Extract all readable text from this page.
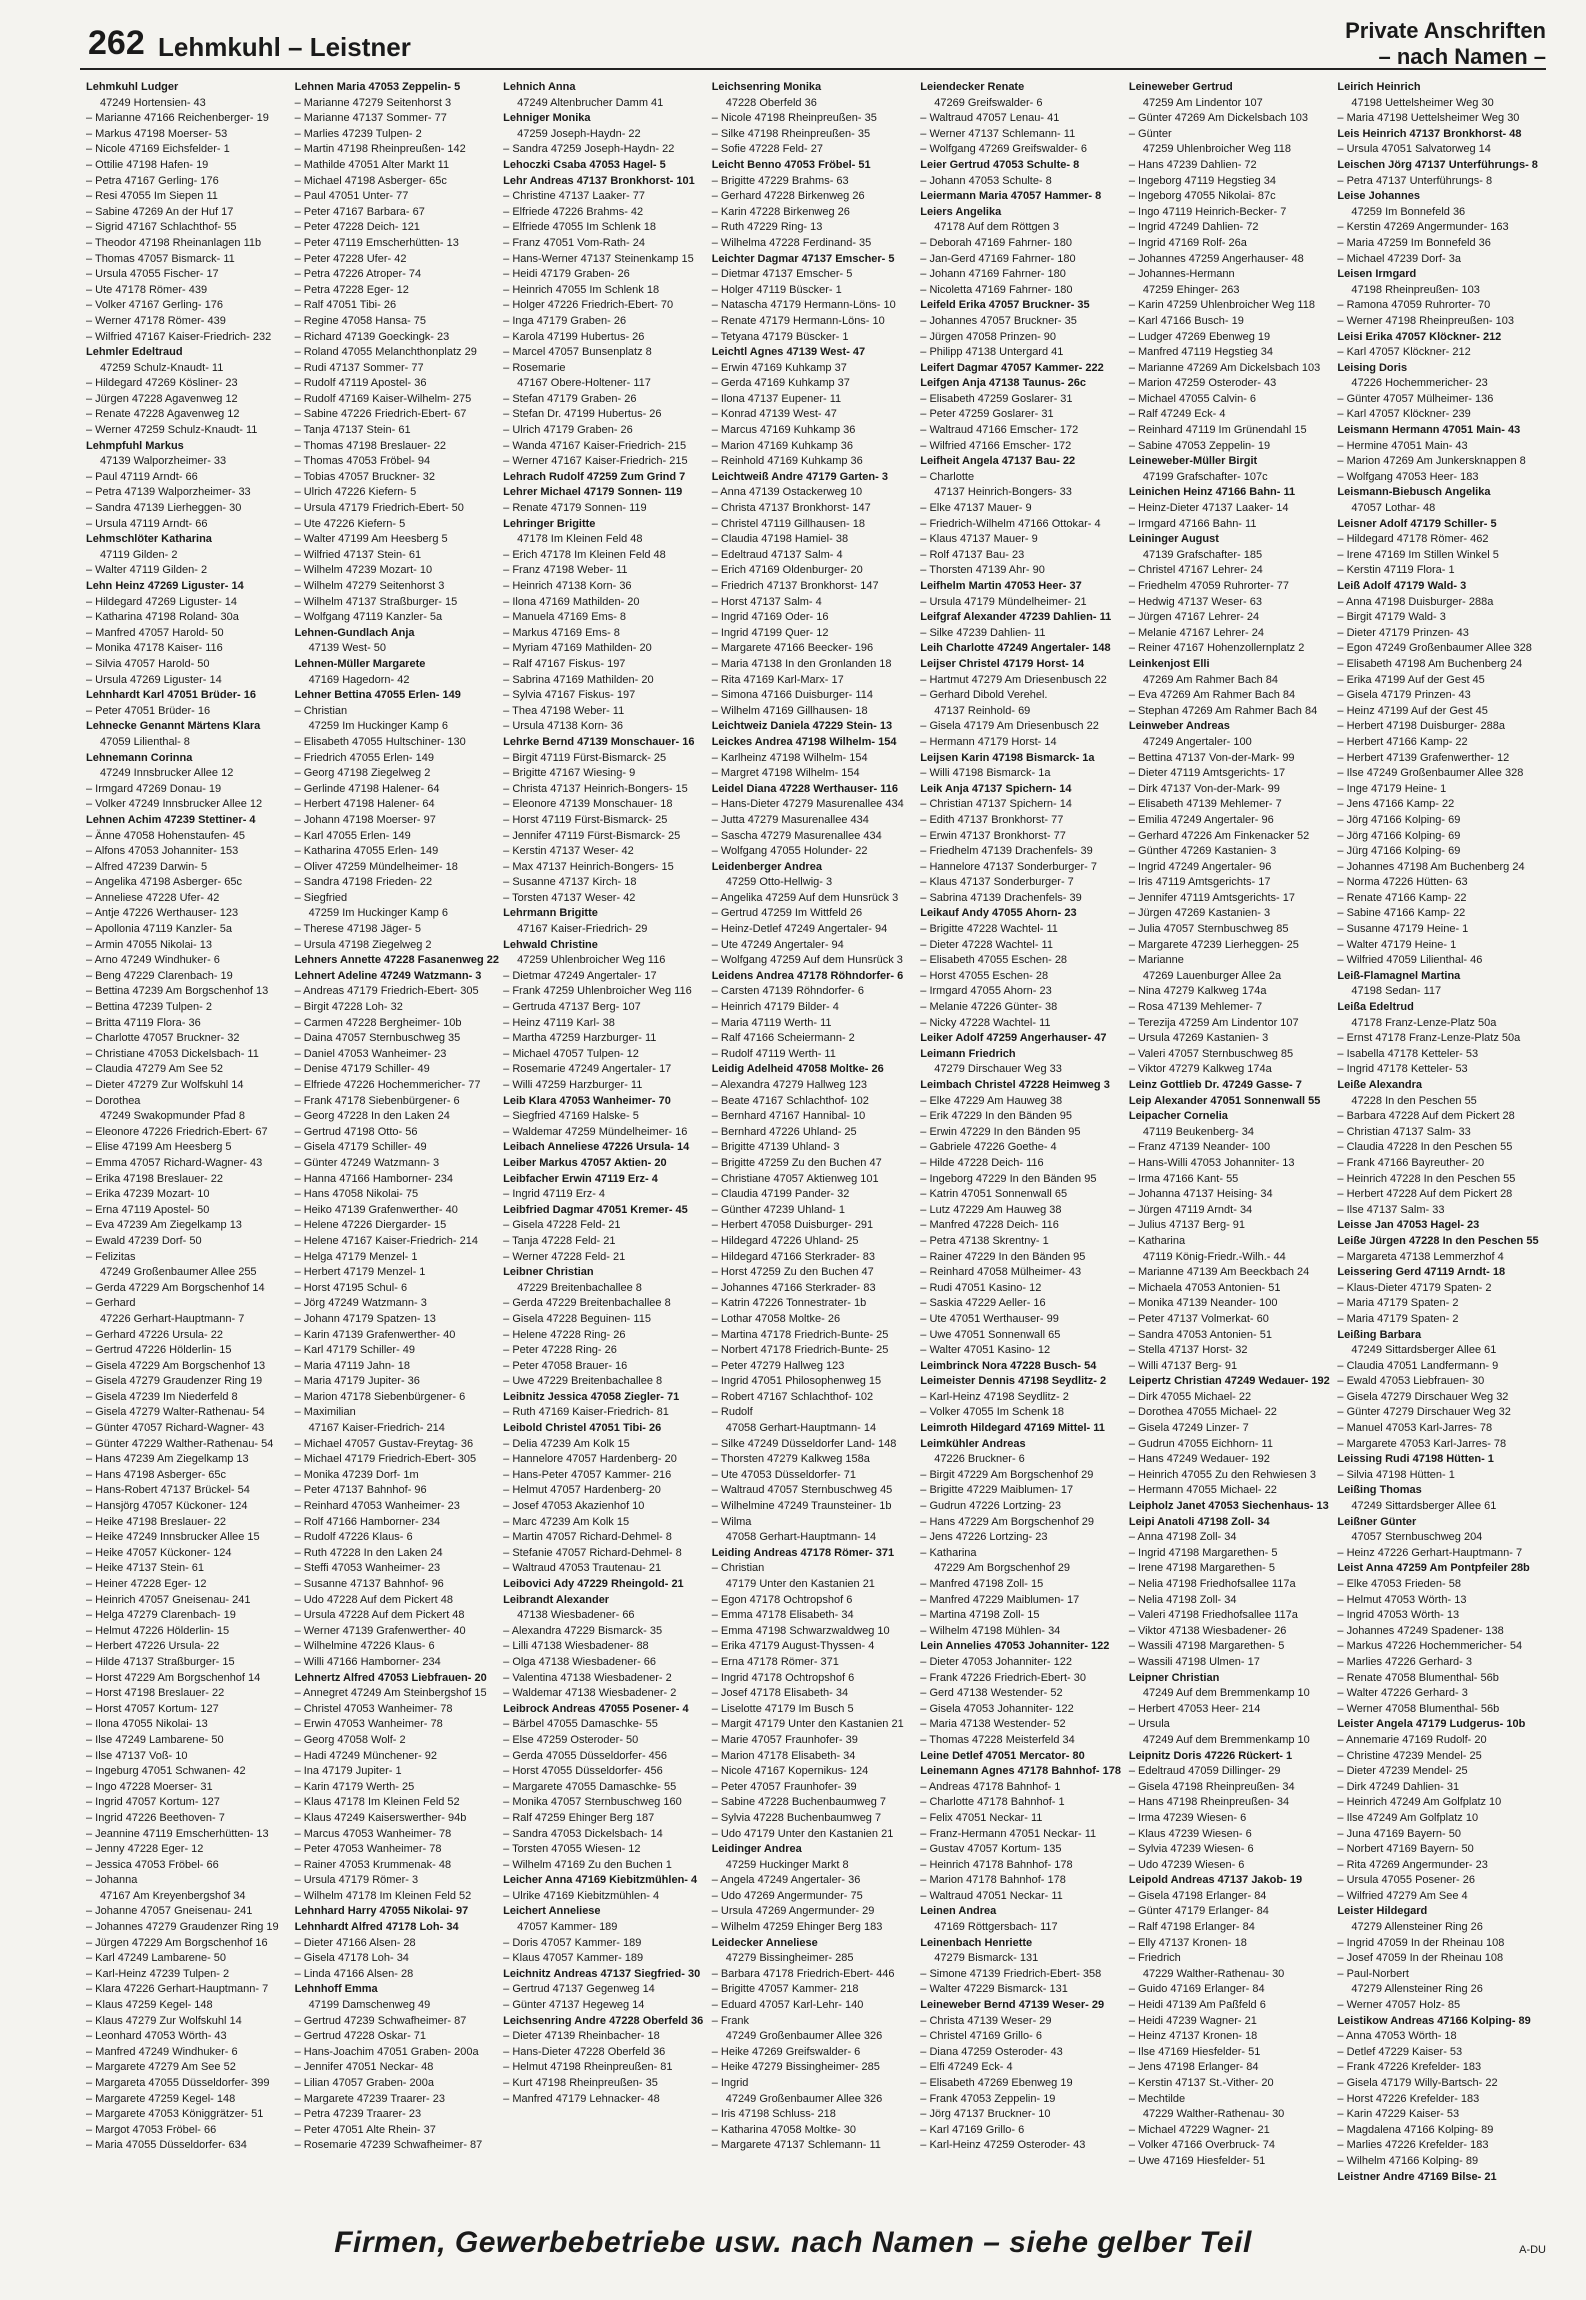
262 Lehmkuhl – Leistner
Private Anschriften
– nach Namen –
Lehmkuhl Ludger
47249 Hortensien- 43
– Marianne 47166 Reichenberger- 19
– Markus 47198 Moerser- 53
– Nicole 47169 Eichsfelder- 1
– Ottilie 47198 Hafen- 19
– Petra 47167 Gerling- 176
– Resi 47055 Im Siepen 11
– Sabine 47269 An der Huf 17
– Sigrid 47167 Schlachthof- 55
– Theodor 47198 Rheinanlagen 11b
– Thomas 47057 Bismarck- 11
– Ursula 47055 Fischer- 17
– Ute 47178 Römer- 439
– Volker 47167 Gerling- 176
– Werner 47178 Römer- 439
– Wilfried 47167 Kaiser-Friedrich- 232
Lehmler Edeltraud
47259 Schulz-Knaudt- 11
– Hildegard 47269 Kösliner- 23
– Jürgen 47228 Agavenweg 12
– Renate 47228 Agavenweg 12
– Werner 47259 Schulz-Knaudt- 11
Lehmpfuhl Markus
47139 Walporzheimer- 33
– Paul 47119 Arndt- 66
– Petra 47139 Walporzheimer- 33
– Sandra 47139 Lierheggen- 30
– Ursula 47119 Arndt- 66
Lehmschlöter Katharina
47119 Gilden- 2
– Walter 47119 Gilden- 2
Lehn Heinz 47269 Liguster- 14
– Hildegard 47269 Liguster- 14
– Katharina 47198 Roland- 30a
– Manfred 47057 Harold- 50
– Monika 47178 Kaiser- 116
– Silvia 47057 Harold- 50
– Ursula 47269 Liguster- 14
Lehnhardt Karl 47051 Brüder- 16
– Peter 47051 Brüder- 16
Lehnecke Genannt Märtens Klara
47059 Lilienthal- 8
Lehnemann Corinna
47249 Innsbrucker Allee 12
– Irmgard 47269 Donau- 19
– Volker 47249 Innsbrucker Allee 12
Lehnen Achim 47239 Stettiner- 4
– Änne 47058 Hohenstaufen- 45
– Alfons 47053 Johanniter- 153
– Alfred 47239 Darwin- 5
– Angelika 47198 Asberger- 65c
– Anneliese 47228 Ufer- 42
– Antje 47226 Werthauser- 123
– Apollonia 47119 Kanzler- 5a
– Armin 47055 Nikolai- 13
– Arno 47249 Windhuker- 6
– Beng 47229 Clarenbach- 19
– Bettina 47239 Am Borgschenhof 13
– Bettina 47239 Tulpen- 2
– Britta 47119 Flora- 36
– Charlotte 47057 Bruckner- 32
– Christiane 47053 Dickelsbach- 11
– Claudia 47279 Am See 52
– Dieter 47279 Zur Wolfskuhl 14
– Dorothea
47249 Swakopmunder Pfad 8
– Eleonore 47226 Friedrich-Ebert- 67
– Elise 47199 Am Heesberg 5
– Emma 47057 Richard-Wagner- 43
– Erika 47198 Breslauer- 22
– Erika 47239 Mozart- 10
– Erna 47119 Apostel- 50
– Eva 47239 Am Ziegelkamp 13
– Ewald 47239 Dorf- 50
– Felizitas
47249 Großenbaumer Allee 255
– Gerda 47229 Am Borgschenhof 14
– Gerhard
47226 Gerhart-Hauptmann- 7
– Gerhard 47226 Ursula- 22
– Gertrud 47226 Hölderlin- 15
– Gisela 47229 Am Borgschenhof 13
– Gisela 47279 Graudenzer Ring 19
– Gisela 47239 Im Niederfeld 8
– Gisela 47279 Walter-Rathenau- 54
– Günter 47057 Richard-Wagner- 43
– Günter 47229 Walther-Rathenau- 54
– Hans 47239 Am Ziegelkamp 13
– Hans 47198 Asberger- 65c
– Hans-Robert 47137 Brückel- 54
– Hansjörg 47057 Kückoner- 124
– Heike 47198 Breslauer- 22
– Heike 47249 Innsbrucker Allee 15
– Heike 47057 Kückoner- 124
– Heike 47137 Stein- 61
– Heiner 47228 Eger- 12
– Heinrich 47057 Gneisenau- 241
– Helga 47279 Clarenbach- 19
– Helmut 47226 Hölderlin- 15
– Herbert 47226 Ursula- 22
– Hilde 47137 Straßburger- 15
– Horst 47229 Am Borgschenhof 14
– Horst 47198 Breslauer- 22
– Horst 47057 Kortum- 127
– Ilona 47055 Nikolai- 13
– Ilse 47249 Lambarene- 50
– Ilse 47137 Voß- 10
– Ingeburg 47051 Schwanen- 42
– Ingo 47228 Moerser- 31
– Ingrid 47057 Kortum- 127
– Ingrid 47226 Beethoven- 7
– Jeannine 47119 Emscherhütten- 13
– Jenny 47228 Eger- 12
– Jessica 47053 Fröbel- 66
– Johanna
47167 Am Kreyenbergshof 34
– Johanne 47057 Gneisenau- 241
– Johannes 47279 Graudenzer Ring 19
– Jürgen 47229 Am Borgschenhof 16
– Karl 47249 Lambarene- 50
– Karl-Heinz 47239 Tulpen- 2
– Klara 47226 Gerhart-Hauptmann- 7
– Klaus 47259 Kegel- 148
– Klaus 47279 Zur Wolfskuhl 14
– Leonhard 47053 Wörth- 43
– Manfred 47249 Windhuker- 6
– Margarete 47279 Am See 52
– Margareta 47055 Düsseldorfer- 399
– Margarete 47259 Kegel- 148
– Margarete 47053 Königgrätzer- 51
– Margot 47053 Fröbel- 66
– Maria 47055 Düsseldorfer- 634
Lehnen Maria 47053 Zeppelin- 5
– Marianne 47279 Seitenhorst 3
– Marianne 47137 Sommer- 77
– Marlies 47239 Tulpen- 2
– Martin 47198 Rheinpreußen- 142
– Mathilde 47051 Alter Markt 11
– Michael 47198 Asberger- 65c
– Paul 47051 Unter- 77
– Peter 47167 Barbara- 67
– Peter 47228 Deich- 121
– Peter 47119 Emscherhütten- 13
– Peter 47228 Ufer- 42
– Petra 47226 Atroper- 74
– Petra 47228 Eger- 12
– Ralf 47051 Tibi- 26
– Regine 47058 Hansa- 75
– Richard 47139 Goeckingk- 23
– Roland 47055 Melanchthonplatz 29
– Rudi 47137 Sommer- 77
– Rudolf 47119 Apostel- 36
– Rudolf 47169 Kaiser-Wilhelm- 275
– Sabine 47226 Friedrich-Ebert- 67
– Tanja 47137 Stein- 61
– Thomas 47198 Breslauer- 22
– Thomas 47053 Fröbel- 94
– Tobias 47057 Bruckner- 32
– Ulrich 47226 Kiefern- 5
– Ursula 47179 Friedrich-Ebert- 50
– Ute 47226 Kiefern- 5
– Walter 47199 Am Heesberg 5
– Wilfried 47137 Stein- 61
– Wilhelm 47239 Mozart- 10
– Wilhelm 47279 Seitenhorst 3
– Wilhelm 47137 Straßburger- 15
– Wolfgang 47119 Kanzler- 5a
Lehnen-Gundlach Anja
47139 West- 50
Lehnen-Müller Margarete
47169 Hagedorn- 42
Lehner Bettina 47055 Erlen- 149
– Christian
47259 Im Huckinger Kamp 6
– Elisabeth 47055 Hultschiner- 130
– Friedrich 47055 Erlen- 149
– Georg 47198 Ziegelweg 2
– Gerlinde 47198 Halener- 64
– Herbert 47198 Halener- 64
– Johann 47198 Moerser- 97
– Karl 47055 Erlen- 149
– Katharina 47055 Erlen- 149
– Oliver 47259 Mündelheimer- 18
– Sandra 47198 Frieden- 22
– Siegfried
47259 Im Huckinger Kamp 6
– Therese 47198 Jäger- 5
– Ursula 47198 Ziegelweg 2
Lehners Annette 47228 Fasanenweg 22
Lehnert Adeline 47249 Watzmann- 3
– Andreas 47179 Friedrich-Ebert- 305
– Birgit 47228 Loh- 32
– Carmen 47228 Bergheimer- 10b
– Daina 47057 Sternbuschweg 35
– Daniel 47053 Wanheimer- 23
– Denise 47179 Schiller- 49
– Elfriede 47226 Hochemmericher- 77
– Frank 47178 Siebenbürgener- 6
– Georg 47228 In den Laken 24
– Gertrud 47198 Otto- 56
– Gisela 47179 Schiller- 49
– Günter 47249 Watzmann- 3
– Hanna 47166 Hamborner- 234
– Hans 47058 Nikolai- 75
– Heiko 47139 Grafenwerther- 40
– Helene 47226 Diergarder- 15
– Helene 47167 Kaiser-Friedrich- 214
– Helga 47179 Menzel- 1
– Herbert 47179 Menzel- 1
– Horst 47195 Schul- 6
– Jörg 47249 Watzmann- 3
– Johann 47179 Spatzen- 13
– Karin 47139 Grafenwerther- 40
– Karl 47179 Schiller- 49
– Maria 47119 Jahn- 18
– Maria 47179 Jupiter- 36
– Marion 47178 Siebenbürgener- 6
– Maximilian
47167 Kaiser-Friedrich- 214
– Michael 47057 Gustav-Freytag- 36
– Michael 47179 Friedrich-Ebert- 305
– Monika 47239 Dorf- 1m
– Peter 47137 Bahnhof- 96
– Reinhard 47053 Wanheimer- 23
– Rolf 47166 Hamborner- 234
– Rudolf 47226 Klaus- 6
– Ruth 47228 In den Laken 24
– Steffi 47053 Wanheimer- 23
– Susanne 47137 Bahnhof- 96
– Udo 47228 Auf dem Pickert 48
– Ursula 47228 Auf dem Pickert 48
– Werner 47139 Grafenwerther- 40
– Wilhelmine 47226 Klaus- 6
– Willi 47166 Hamborner- 234
Lehnertz Alfred 47053 Liebfrauen- 20
– Annegret 47249 Am Steinbergshof 15
– Christel 47053 Wanheimer- 78
– Erwin 47053 Wanheimer- 78
– Georg 47058 Wolf- 2
– Hadi 47249 Münchener- 92
– Ina 47179 Jupiter- 1
– Karin 47179 Werth- 25
– Klaus 47178 Im Kleinen Feld 52
– Klaus 47249 Kaiserswerther- 94b
– Marcus 47053 Wanheimer- 78
– Peter 47053 Wanheimer- 78
– Rainer 47053 Krummenak- 48
– Ursula 47179 Römer- 3
– Wilhelm 47178 Im Kleinen Feld 52
Lehnhard Harry 47055 Nikolai- 97
Lehnhardt Alfred 47178 Loh- 34
– Dieter 47166 Alsen- 28
– Gisela 47178 Loh- 34
– Linda 47166 Alsen- 28
Lehnhoff Emma
47199 Damschenweg 49
– Gertrud 47239 Schwafheimer- 87
– Gertrud 47228 Oskar- 71
– Hans-Joachim 47051 Graben- 200a
– Jennifer 47051 Neckar- 48
– Lilian 47057 Graben- 200a
– Margarete 47239 Traarer- 23
– Petra 47239 Traarer- 23
– Peter 47051 Alte Rhein- 37
– Rosemarie 47239 Schwafheimer- 87
Lehnich Anna
47249 Altenbrucher Damm 41
Lehniger Monika
47259 Joseph-Haydn- 22
– Sandra 47259 Joseph-Haydn- 22
Lehoczki Csaba 47053 Hagel- 5
Lehr Andreas 47137 Bronkhorst- 101
– Christine 47137 Laaker- 77
– Elfriede 47226 Brahms- 42
– Elfriede 47055 Im Schlenk 18
– Franz 47051 Vom-Rath- 24
– Hans-Werner 47137 Steinenkamp 15
– Heidi 47179 Graben- 26
– Heinrich 47055 Im Schlenk 18
– Holger 47226 Friedrich-Ebert- 70
– Inga 47179 Graben- 26
– Karola 47199 Hubertus- 26
– Marcel 47057 Bunsenplatz 8
– Rosemarie
47167 Obere-Holtener- 117
– Stefan 47179 Graben- 26
– Stefan Dr. 47199 Hubertus- 26
– Ulrich 47179 Graben- 26
– Wanda 47167 Kaiser-Friedrich- 215
– Werner 47167 Kaiser-Friedrich- 215
Lehrach Rudolf 47259 Zum Grind 7
Lehrer Michael 47179 Sonnen- 119
– Renate 47179 Sonnen- 119
Lehringer Brigitte
47178 Im Kleinen Feld 48
– Erich 47178 Im Kleinen Feld 48
– Franz 47198 Weber- 11
– Heinrich 47138 Korn- 36
– Ilona 47169 Mathilden- 20
– Manuela 47169 Ems- 8
– Markus 47169 Ems- 8
– Myriam 47169 Mathilden- 20
– Ralf 47167 Fiskus- 197
– Sabrina 47169 Mathilden- 20
– Sylvia 47167 Fiskus- 197
– Thea 47198 Weber- 11
– Ursula 47138 Korn- 36
Lehrke Bernd 47139 Monschauer- 16
– Birgit 47119 Fürst-Bismarck- 25
– Brigitte 47167 Wiesing- 9
– Christa 47137 Heinrich-Bongers- 15
– Eleonore 47139 Monschauer- 18
– Horst 47119 Fürst-Bismarck- 25
– Jennifer 47119 Fürst-Bismarck- 25
– Kerstin 47137 Weser- 42
– Max 47137 Heinrich-Bongers- 15
– Susanne 47137 Kirch- 18
– Torsten 47137 Weser- 42
Lehrmann Brigitte
47167 Kaiser-Friedrich- 29
Lehwald Christine
47259 Uhlenbroicher Weg 116
– Dietmar 47249 Angertaler- 17
– Frank 47259 Uhlenbroicher Weg 116
– Gertruda 47137 Berg- 107
– Heinz 47119 Karl- 38
– Martha 47259 Harzburger- 11
– Michael 47057 Tulpen- 12
– Rosemarie 47249 Angertaler- 17
– Willi 47259 Harzburger- 11
Leib Klara 47053 Wanheimer- 70
– Siegfried 47169 Halske- 5
– Waldemar 47259 Mündelheimer- 16
Leibach Anneliese 47226 Ursula- 14
Leiber Markus 47057 Aktien- 20
Leibfacher Erwin 47119 Erz- 4
– Ingrid 47119 Erz- 4
Leibfried Dagmar 47051 Kremer- 45
– Gisela 47228 Feld- 21
– Tanja 47228 Feld- 21
– Werner 47228 Feld- 21
Leibner Christian
47229 Breitenbachallee 8
– Gerda 47229 Breitenbachallee 8
– Gisela 47228 Beguinen- 115
– Helene 47228 Ring- 26
– Peter 47228 Ring- 26
– Peter 47058 Brauer- 16
– Uwe 47229 Breitenbachallee 8
Leibnitz Jessica 47058 Ziegler- 71
– Ruth 47169 Kaiser-Friedrich- 81
Leibold Christel 47051 Tibi- 26
– Delia 47239 Am Kolk 15
– Hannelore 47057 Hardenberg- 20
– Hans-Peter 47057 Kammer- 216
– Helmut 47057 Hardenberg- 20
– Josef 47053 Akazienhof 10
– Marc 47239 Am Kolk 15
– Martin 47057 Richard-Dehmel- 8
– Stefanie 47057 Richard-Dehmel- 8
– Waltraud 47053 Trautenau- 21
Leibovici Ady 47229 Rheingold- 21
Leibrandt Alexander
47138 Wiesbadener- 66
– Alexandra 47229 Bismarck- 35
– Lilli 47138 Wiesbadener- 88
– Olga 47138 Wiesbadener- 66
– Valentina 47138 Wiesbadener- 2
– Waldemar 47138 Wiesbadener- 2
Leibrock Andreas 47055 Posener- 4
– Bärbel 47055 Damaschke- 55
– Else 47259 Osteroder- 50
– Gerda 47055 Düsseldorfer- 456
– Horst 47055 Düsseldorfer- 456
– Margarete 47055 Damaschke- 55
– Monika 47057 Sternbuschweg 160
– Ralf 47259 Ehinger Berg 187
– Sandra 47053 Dickelsbach- 14
– Torsten 47055 Wiesen- 12
– Wilhelm 47169 Zu den Buchen 1
Leicher Anna 47169 Kiebitzmühlen- 4
– Ulrike 47169 Kiebitzmühlen- 4
Leichert Anneliese
47057 Kammer- 189
– Doris 47057 Kammer- 189
– Klaus 47057 Kammer- 189
Leichnitz Andreas 47137 Siegfried- 30
– Gertrud 47137 Gegenweg 14
– Günter 47137 Hegeweg 14
Leichsenring Andre 47228 Oberfeld 36
– Dieter 47139 Rheinbacher- 18
– Hans-Dieter 47228 Oberfeld 36
– Helmut 47198 Rheinpreußen- 81
– Kurt 47198 Rheinpreußen- 35
– Manfred 47179 Lehnacker- 48
Leichsenring Monika
47228 Oberfeld 36
– Nicole 47198 Rheinpreußen- 35
– Silke 47198 Rheinpreußen- 35
– Sofie 47228 Feld- 27
Leicht Benno 47053 Fröbel- 51
– Brigitte 47229 Brahms- 63
– Gerhard 47228 Birkenweg 26
– Karin 47228 Birkenweg 26
– Ruth 47229 Ring- 13
– Wilhelma 47228 Ferdinand- 35
Leichter Dagmar 47137 Emscher- 5
– Dietmar 47137 Emscher- 5
– Holger 47119 Büscker- 1
– Natascha 47179 Hermann-Löns- 10
– Renate 47179 Hermann-Löns- 10
– Tetyana 47179 Büscker- 1
Leichtl Agnes 47139 West- 47
– Erwin 47169 Kuhkamp 37
– Gerda 47169 Kuhkamp 37
– Ilona 47137 Eupener- 11
– Konrad 47139 West- 47
– Marcus 47169 Kuhkamp 36
– Marion 47169 Kuhkamp 36
– Reinhold 47169 Kuhkamp 36
Leichtweiß Andre 47179 Garten- 3
– Anna 47139 Ostackerweg 10
– Christa 47137 Bronkhorst- 147
– Christel 47119 Gillhausen- 18
– Claudia 47198 Hamiel- 38
– Edeltraud 47137 Salm- 4
– Erich 47169 Oldenburger- 20
– Friedrich 47137 Bronkhorst- 147
– Horst 47137 Salm- 4
– Ingrid 47169 Oder- 16
– Ingrid 47199 Quer- 12
– Margarete 47166 Beecker- 196
– Maria 47138 In den Gronlanden 18
– Rita 47169 Karl-Marx- 17
– Simona 47166 Duisburger- 114
– Wilhelm 47169 Gillhausen- 18
Leichtweiz Daniela 47229 Stein- 13
Leickes Andrea 47198 Wilhelm- 154
– Karlheinz 47198 Wilhelm- 154
– Margret 47198 Wilhelm- 154
Leidel Diana 47228 Werthauser- 116
– Hans-Dieter 47279 Masurenallee 434
– Jutta 47279 Masurenallee 434
– Sascha 47279 Masurenallee 434
– Wolfgang 47055 Holunder- 22
Leidenberger Andrea
47259 Otto-Hellwig- 3
– Angelika 47259 Auf dem Hunsrück 3
– Gertrud 47259 Im Wittfeld 26
– Heinz-Detlef 47249 Angertaler- 94
– Ute 47249 Angertaler- 94
– Wolfgang 47259 Auf dem Hunsrück 3
Leidens Andrea 47178 Röhndorfer- 6
– Carsten 47139 Röhndorfer- 6
– Heinrich 47179 Bilder- 4
– Maria 47119 Werth- 11
– Ralf 47166 Scheiermann- 2
– Rudolf 47119 Werth- 11
Leidig Adelheid 47058 Moltke- 26
– Alexandra 47279 Hallweg 123
– Beate 47167 Schlachthof- 102
– Bernhard 47167 Hannibal- 10
– Bernhard 47226 Uhland- 25
– Brigitte 47139 Uhland- 3
– Brigitte 47259 Zu den Buchen 47
– Christiane 47057 Aktienweg 101
– Claudia 47199 Pander- 32
– Günther 47239 Uhland- 1
– Herbert 47058 Duisburger- 291
– Hildegard 47226 Uhland- 25
– Hildegard 47166 Sterkrader- 83
– Horst 47259 Zu den Buchen 47
– Johannes 47166 Sterkrader- 83
– Katrin 47226 Tonnestrater- 1b
– Lothar 47058 Moltke- 26
– Martina 47178 Friedrich-Bunte- 25
– Norbert 47178 Friedrich-Bunte- 25
– Peter 47279 Hallweg 123
– Ingrid 47051 Philosophenweg 15
– Robert 47167 Schlachthof- 102
– Rudolf
47058 Gerhart-Hauptmann- 14
– Silke 47249 Düsseldorfer Land- 148
– Thorsten 47279 Kalkweg 158a
– Ute 47053 Düsseldorfer- 71
– Waltraud 47057 Sternbuschweg 45
– Wilhelmine 47249 Traunsteiner- 1b
– Wilma
47058 Gerhart-Hauptmann- 14
Leiding Andreas 47178 Römer- 371
– Christian
47179 Unter den Kastanien 21
– Egon 47178 Ochtropshof 6
– Emma 47178 Elisabeth- 34
– Emma 47198 Schwarzwaldweg 10
– Erika 47179 August-Thyssen- 4
– Erna 47178 Römer- 371
– Ingrid 47178 Ochtropshof 6
– Josef 47178 Elisabeth- 34
– Liselotte 47179 Im Busch 5
– Margit 47179 Unter den Kastanien 21
– Marie 47057 Fraunhofer- 39
– Marion 47178 Elisabeth- 34
– Nicole 47167 Kopernikus- 124
– Peter 47057 Fraunhofer- 39
– Sabine 47228 Buchenbaumweg 7
– Sylvia 47228 Buchenbaumweg 7
– Udo 47179 Unter den Kastanien 21
Leidinger Andrea
47259 Huckinger Markt 8
– Angela 47249 Angertaler- 36
– Udo 47269 Angermunder- 75
– Ursula 47269 Angermunder- 29
– Wilhelm 47259 Ehinger Berg 183
Leidecker Anneliese
47279 Bissingheimer- 285
– Barbara 47178 Friedrich-Ebert- 446
– Brigitte 47057 Kammer- 218
– Eduard 47057 Karl-Lehr- 140
– Frank
47249 Großenbaumer Allee 326
– Heike 47269 Greifswalder- 6
– Heike 47279 Bissingheimer- 285
– Ingrid
47249 Großenbaumer Allee 326
– Iris 47198 Schluss- 218
– Katharina 47058 Moltke- 30
– Margarete 47137 Schlemann- 11
Leiendecker Renate
47269 Greifswalder- 6
– Waltraud 47057 Lenau- 41
– Werner 47137 Schlemann- 11
– Wolfgang 47269 Greifswalder- 6
Leier Gertrud 47053 Schulte- 8
– Johann 47053 Schulte- 8
Leiermann Maria 47057 Hammer- 8
Leiers Angelika
47178 Auf dem Röttgen 3
– Deborah 47169 Fahrner- 180
– Jan-Gerd 47169 Fahrner- 180
– Johann 47169 Fahrner- 180
– Nicoletta 47169 Fahrner- 180
Leifeld Erika 47057 Bruckner- 35
– Johannes 47057 Bruckner- 35
– Jürgen 47058 Prinzen- 90
– Philipp 47138 Untergard 41
Leifert Dagmar 47057 Kammer- 222
Leifgen Anja 47138 Taunus- 26c
– Elisabeth 47259 Goslarer- 31
– Peter 47259 Goslarer- 31
– Waltraud 47166 Emscher- 172
– Wilfried 47166 Emscher- 172
Leifheit Angela 47137 Bau- 22
– Charlotte
47137 Heinrich-Bongers- 33
– Elke 47137 Mauer- 9
– Friedrich-Wilhelm 47166 Ottokar- 4
– Klaus 47137 Mauer- 9
– Rolf 47137 Bau- 23
– Thorsten 47139 Ahr- 90
Leifhelm Martin 47053 Heer- 37
– Ursula 47179 Mündelheimer- 21
Leifgraf Alexander 47239 Dahlien- 11
– Silke 47239 Dahlien- 11
Leih Charlotte 47249 Angertaler- 148
Leijser Christel 47179 Horst- 14
– Hartmut 47279 Am Driesenbusch 22
– Gerhard Dibold Verehel.
47137 Reinhold- 69
– Gisela 47179 Am Driesenbusch 22
– Hermann 47179 Horst- 14
Leijsen Karin 47198 Bismarck- 1a
– Willi 47198 Bismarck- 1a
Leik Anja 47137 Spichern- 14
– Christian 47137 Spichern- 14
– Edith 47137 Bronkhorst- 77
– Erwin 47137 Bronkhorst- 77
– Friedhelm 47139 Drachenfels- 39
– Hannelore 47137 Sonderburger- 7
– Klaus 47137 Sonderburger- 7
– Sabrina 47139 Drachenfels- 39
Leikauf Andy 47055 Ahorn- 23
– Brigitte 47228 Wachtel- 11
– Dieter 47228 Wachtel- 11
– Elisabeth 47055 Eschen- 28
– Horst 47055 Eschen- 28
– Irmgard 47055 Ahorn- 23
– Melanie 47226 Günter- 38
– Nicky 47228 Wachtel- 11
Leiker Adolf 47259 Angerhauser- 47
Leimann Friedrich
47279 Dirschauer Weg 33
Leimbach Christel 47228 Heimweg 3
– Elke 47229 Am Hauweg 38
– Erik 47229 In den Bänden 95
– Erwin 47229 In den Bänden 95
– Gabriele 47226 Goethe- 4
– Hilde 47228 Deich- 116
– Ingeborg 47229 In den Bänden 95
– Katrin 47051 Sonnenwall 65
– Lutz 47229 Am Hauweg 38
– Manfred 47228 Deich- 116
– Petra 47138 Skrentny- 1
– Rainer 47229 In den Bänden 95
– Reinhard 47058 Mülheimer- 43
– Rudi 47051 Kasino- 12
– Saskia 47229 Aeller- 16
– Ute 47051 Werthauser- 99
– Uwe 47051 Sonnenwall 65
– Walter 47051 Kasino- 12
Leimbrinck Nora 47228 Busch- 54
Leimeister Dennis 47198 Seydlitz- 2
– Karl-Heinz 47198 Seydlitz- 2
– Volker 47055 Im Schenk 18
Leimroth Hildegard 47169 Mittel- 11
Leimkühler Andreas
47226 Bruckner- 6
– Birgit 47229 Am Borgschenhof 29
– Brigitte 47229 Maiblumen- 17
– Gudrun 47226 Lortzing- 23
– Hans 47229 Am Borgschenhof 29
– Jens 47226 Lortzing- 23
– Katharina
47229 Am Borgschenhof 29
– Manfred 47198 Zoll- 15
– Manfred 47229 Maiblumen- 17
– Martina 47198 Zoll- 15
– Wilhelm 47198 Mühlen- 34
Lein Annelies 47053 Johanniter- 122
– Dieter 47053 Johanniter- 122
– Frank 47226 Friedrich-Ebert- 30
– Gerd 47138 Westender- 52
– Gisela 47053 Johanniter- 122
– Maria 47138 Westender- 52
– Thomas 47228 Meisterfeld 34
Leine Detlef 47051 Mercator- 80
Leinemann Agnes 47178 Bahnhof- 178
– Andreas 47178 Bahnhof- 1
– Charlotte 47178 Bahnhof- 1
– Felix 47051 Neckar- 11
– Franz-Hermann 47051 Neckar- 11
– Gustav 47057 Kortum- 135
– Heinrich 47178 Bahnhof- 178
– Marion 47178 Bahnhof- 178
– Waltraud 47051 Neckar- 11
Leinen Andrea
47169 Röttgersbach- 117
Leinenbach Henriette
47279 Bismarck- 131
– Simone 47139 Friedrich-Ebert- 358
– Walter 47229 Bismarck- 131
Leineweber Bernd 47139 Weser- 29
– Christa 47139 Weser- 29
– Christel 47169 Grillo- 6
– Diana 47259 Osteroder- 43
– Elfi 47249 Eck- 4
– Elisabeth 47269 Ebenweg 19
– Frank 47053 Zeppelin- 19
– Jörg 47137 Bruckner- 10
– Karl 47169 Grillo- 6
– Karl-Heinz 47259 Osteroder- 43
Leineweber Gertrud
47259 Am Lindentor 107
– Günter 47269 Am Dickelsbach 103
– Günter
47259 Uhlenbroicher Weg 118
– Hans 47239 Dahlien- 72
– Ingeborg 47119 Hegstieg 34
– Ingeborg 47055 Nikolai- 87c
– Ingo 47119 Heinrich-Becker- 7
– Ingrid 47249 Dahlien- 72
– Ingrid 47169 Rolf- 26a
– Johannes 47259 Angerhauser- 48
– Johannes-Hermann
47259 Ehinger- 263
– Karin 47259 Uhlenbroicher Weg 118
– Karl 47166 Busch- 19
– Ludger 47269 Ebenweg 19
– Manfred 47119 Hegstieg 34
– Marianne 47269 Am Dickelsbach 103
– Marion 47259 Osteroder- 43
– Michael 47055 Calvin- 6
– Ralf 47249 Eck- 4
– Reinhard 47119 Im Grünendahl 15
– Sabine 47053 Zeppelin- 19
Leineweber-Müller Birgit
47199 Grafschafter- 107c
Leinichen Heinz 47166 Bahn- 11
– Heinz-Dieter 47137 Laaker- 14
– Irmgard 47166 Bahn- 11
Leininger August
47139 Grafschafter- 185
– Christel 47167 Lehrer- 24
– Friedhelm 47059 Ruhrorter- 77
– Hedwig 47137 Weser- 63
– Jürgen 47167 Lehrer- 24
– Melanie 47167 Lehrer- 24
– Reiner 47167 Hohenzollernplatz 2
Leinkenjost Elli
47269 Am Rahmer Bach 84
– Eva 47269 Am Rahmer Bach 84
– Stephan 47269 Am Rahmer Bach 84
Leinweber Andreas
47249 Angertaler- 100
– Bettina 47137 Von-der-Mark- 99
– Dieter 47119 Amtsgerichts- 17
– Dirk 47137 Von-der-Mark- 99
– Elisabeth 47139 Mehlemer- 7
– Emilia 47249 Angertaler- 96
– Gerhard 47226 Am Finkenacker 52
– Günther 47269 Kastanien- 3
– Ingrid 47249 Angertaler- 96
– Iris 47119 Amtsgerichts- 17
– Jennifer 47119 Amtsgerichts- 17
– Jürgen 47269 Kastanien- 3
– Julia 47057 Sternbuschweg 85
– Margarete 47239 Lierheggen- 25
– Marianne
47269 Lauenburger Allee 2a
– Nina 47279 Kalkweg 174a
– Rosa 47139 Mehlemer- 7
– Terezija 47259 Am Lindentor 107
– Ursula 47269 Kastanien- 3
– Valeri 47057 Sternbuschweg 85
– Viktor 47279 Kalkweg 174a
Leinz Gottlieb Dr. 47249 Gasse- 7
Leip Alexander 47051 Sonnenwall 55
Leipacher Cornelia
47119 Beukenberg- 34
– Franz 47139 Neander- 100
– Hans-Willi 47053 Johanniter- 13
– Irma 47166 Kant- 55
– Johanna 47137 Heising- 34
– Jürgen 47119 Arndt- 34
– Julius 47137 Berg- 91
– Katharina
47119 König-Friedr.-Wilh.- 44
– Marianne 47139 Am Beeckbach 24
– Michaela 47053 Antonien- 51
– Monika 47139 Neander- 100
– Peter 47137 Volmerkat- 60
– Sandra 47053 Antonien- 51
– Stella 47137 Horst- 32
– Willi 47137 Berg- 91
Leipertz Christian 47249 Wedauer- 192
– Dirk 47055 Michael- 22
– Dorothea 47055 Michael- 22
– Gisela 47249 Linzer- 7
– Gudrun 47055 Eichhorn- 11
– Hans 47249 Wedauer- 192
– Heinrich 47055 Zu den Rehwiesen 3
– Hermann 47055 Michael- 22
Leipholz Janet 47053 Siechenhaus- 13
Leipi Anatoli 47198 Zoll- 34
– Anna 47198 Zoll- 34
– Ingrid 47198 Margarethen- 5
– Irene 47198 Margarethen- 5
– Nelia 47198 Friedhofsallee 117a
– Nelia 47198 Zoll- 34
– Valeri 47198 Friedhofsallee 117a
– Viktor 47138 Wiesbadener- 26
– Wassili 47198 Margarethen- 5
– Wassili 47198 Ulmen- 17
Leipner Christian
47249 Auf dem Bremmenkamp 10
– Herbert 47053 Heer- 214
– Ursula
47249 Auf dem Bremmenkamp 10
Leipnitz Doris 47226 Rückert- 1
– Edeltraud 47059 Dillinger- 29
– Gisela 47198 Rheinpreußen- 34
– Hans 47198 Rheinpreußen- 34
– Irma 47239 Wiesen- 6
– Klaus 47239 Wiesen- 6
– Sylvia 47239 Wiesen- 6
– Udo 47239 Wiesen- 6
Leipold Andreas 47137 Jakob- 19
– Gisela 47198 Erlanger- 84
– Günter 47179 Erlanger- 84
– Ralf 47198 Erlanger- 84
– Elly 47137 Kronen- 18
– Friedrich
47229 Walther-Rathenau- 30
– Guido 47169 Erlanger- 84
– Heidi 47139 Am Paßfeld 6
– Heidi 47239 Wagner- 21
– Heinz 47137 Kronen- 18
– Ilse 47169 Hiesfelder- 51
– Jens 47198 Erlanger- 84
– Kerstin 47137 St.-Vither- 20
– Mechtilde
47229 Walther-Rathenau- 30
– Michael 47229 Wagner- 21
– Volker 47166 Overbruck- 74
– Uwe 47169 Hiesfelder- 51
Leirich Heinrich
47198 Uettelsheimer Weg 30
– Maria 47198 Uettelsheimer Weg 30
Leis Heinrich 47137 Bronkhorst- 48
– Ursula 47051 Salvatorweg 14
Leischen Jörg 47137 Unterführungs- 8
– Petra 47137 Unterführungs- 8
Leise Johannes
47259 Im Bonnefeld 36
– Kerstin 47269 Angermunder- 163
– Maria 47259 Im Bonnefeld 36
– Michael 47239 Dorf- 3a
Leisen Irmgard
47198 Rheinpreußen- 103
– Ramona 47059 Ruhrorter- 70
– Werner 47198 Rheinpreußen- 103
Leisi Erika 47057 Klöckner- 212
– Karl 47057 Klöckner- 212
Leising Doris
47226 Hochemmericher- 23
– Günter 47057 Mülheimer- 136
– Karl 47057 Klöckner- 239
Leismann Hermann 47051 Main- 43
– Hermine 47051 Main- 43
– Marion 47269 Am Junkersknappen 8
– Wolfgang 47053 Heer- 183
Leismann-Biebusch Angelika
47057 Lothar- 48
Leisner Adolf 47179 Schiller- 5
– Hildegard 47178 Römer- 462
– Irene 47169 Im Stillen Winkel 5
– Kerstin 47119 Flora- 1
Leiß Adolf 47179 Wald- 3
– Anna 47198 Duisburger- 288a
– Birgit 47179 Wald- 3
– Dieter 47179 Prinzen- 43
– Egon 47249 Großenbaumer Allee 328
– Elisabeth 47198 Am Buchenberg 24
– Erika 47199 Auf der Gest 45
– Gisela 47179 Prinzen- 43
– Heinz 47199 Auf der Gest 45
– Herbert 47198 Duisburger- 288a
– Herbert 47166 Kamp- 22
– Herbert 47139 Grafenwerther- 12
– Ilse 47249 Großenbaumer Allee 328
– Inge 47179 Heine- 1
– Jens 47166 Kamp- 22
– Jörg 47166 Kolping- 69
– Jörg 47166 Kolping- 69
– Jürg 47166 Kolping- 69
– Johannes 47198 Am Buchenberg 24
– Norma 47226 Hütten- 63
– Renate 47166 Kamp- 22
– Sabine 47166 Kamp- 22
– Susanne 47179 Heine- 1
– Walter 47179 Heine- 1
– Wilfried 47059 Lilienthal- 46
Leiß-Flamagnel Martina
47198 Sedan- 117
Leißa Edeltrud
47178 Franz-Lenze-Platz 50a
– Ernst 47178 Franz-Lenze-Platz 50a
– Isabella 47178 Ketteler- 53
– Ingrid 47178 Ketteler- 53
Leiße Alexandra
47228 In den Peschen 55
– Barbara 47228 Auf dem Pickert 28
– Christian 47137 Salm- 33
– Claudia 47228 In den Peschen 55
– Frank 47166 Bayreuther- 20
– Heinrich 47228 In den Peschen 55
– Herbert 47228 Auf dem Pickert 28
– Ilse 47137 Salm- 33
Leisse Jan 47053 Hagel- 23
Leiße Jürgen 47228 In den Peschen 55
– Margareta 47138 Lemmerzhof 4
Leissering Gerd 47119 Arndt- 18
– Klaus-Dieter 47179 Spaten- 2
– Maria 47179 Spaten- 2
– Maria 47179 Spaten- 2
Leißing Barbara
47249 Sittardsberger Allee 61
– Claudia 47051 Landfermann- 9
– Ewald 47053 Liebfrauen- 30
– Gisela 47279 Dirschauer Weg 32
– Günter 47279 Dirschauer Weg 32
– Manuel 47053 Karl-Jarres- 78
– Margarete 47053 Karl-Jarres- 78
Leissing Rudi 47198 Hütten- 1
– Silvia 47198 Hütten- 1
Leißing Thomas
47249 Sittardsberger Allee 61
Leißner Günter
47057 Sternbuschweg 204
– Heinz 47226 Gerhart-Hauptmann- 7
Leist Anna 47259 Am Pontpfeiler 28b
– Elke 47053 Frieden- 58
– Helmut 47053 Wörth- 13
– Ingrid 47053 Wörth- 13
– Johannes 47249 Spadener- 138
– Markus 47226 Hochemmericher- 54
– Marlies 47226 Gerhard- 3
– Renate 47058 Blumenthal- 56b
– Walter 47226 Gerhard- 3
– Werner 47058 Blumenthal- 56b
Leister Angela 47179 Ludgerus- 10b
– Annemarie 47169 Rudolf- 20
– Christine 47239 Mendel- 25
– Dieter 47239 Mendel- 25
– Dirk 47249 Dahlien- 31
– Heinrich 47249 Am Golfplatz 10
– Ilse 47249 Am Golfplatz 10
– Juna 47169 Bayern- 50
– Norbert 47169 Bayern- 50
– Rita 47269 Angermunder- 23
– Ursula 47055 Posener- 26
– Wilfried 47279 Am See 4
Leister Hildegard
47279 Allensteiner Ring 26
– Ingrid 47059 In der Rheinau 108
– Josef 47059 In der Rheinau 108
– Paul-Norbert
47279 Allensteiner Ring 26
– Werner 47057 Holz- 85
Leistikow Andreas 47166 Kolping- 89
– Anna 47053 Wörth- 18
– Detlef 47229 Kaiser- 53
– Frank 47226 Krefelder- 183
– Gisela 47179 Willy-Bartsch- 22
– Horst 47226 Krefelder- 183
– Karin 47229 Kaiser- 53
– Magdalena 47166 Kolping- 89
– Marlies 47226 Krefelder- 183
– Wilhelm 47166 Kolping- 89
Leistner Andre 47169 Bilse- 21
Firmen, Gewerbebetriebe usw. nach Namen – siehe gelber Teil	A-DU
